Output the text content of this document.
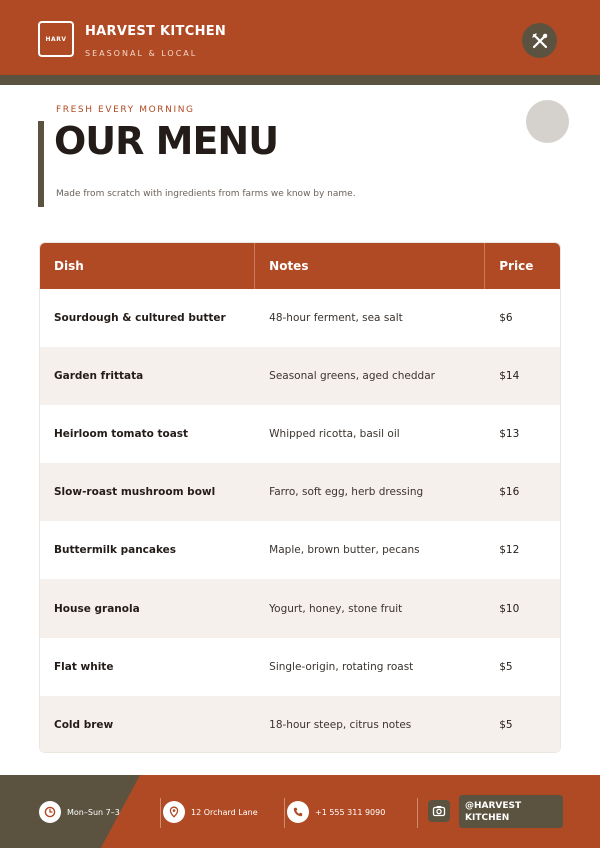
HARV	HARVEST KITCHEN
SEASONAL & LOCAL
FRESH EVERY MORNING
OUR MENU
Made from scratch with ingredients from farms we know by name.
Dish	Notes	Price
Sourdough & cultured butter	48-hour ferment, sea salt	$6
Garden frittata	Seasonal greens, aged cheddar	$14
Heirloom tomato toast	Whipped ricotta, basil oil	$13
Slow-roast mushroom bowl	Farro, soft egg, herb dressing	$16
Buttermilk pancakes	Maple, brown butter, pecans	$12
House granola	Yogurt, honey, stone fruit	$10
Flat white	Single-origin, rotating roast	$5
Cold brew	18-hour steep, citrus notes	$5
Mon–Sun 7–3	12 Orchard Lane	+1 555 311 9090
@HARVEST
KITCHEN
